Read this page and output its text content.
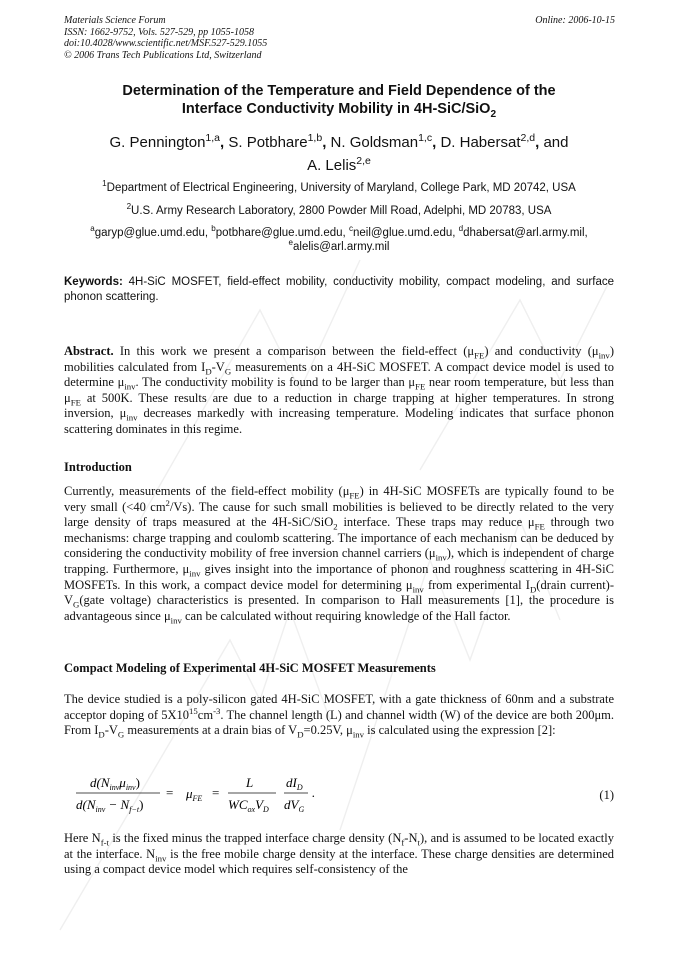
Materials Science Forum
ISSN: 1662-9752, Vols. 527-529, pp 1055-1058
doi:10.4028/www.scientific.net/MSF.527-529.1055
© 2006 Trans Tech Publications Ltd, Switzerland
Online: 2006-10-15
Determination of the Temperature and Field Dependence of the
Interface Conductivity Mobility in 4H-SiC/SiO$_2$
G. Pennington$^{1,a}$, S. Potbhare$^{1,b}$, N. Goldsman$^{1,c}$, D. Habersat$^{2,d}$, and
A. Lelis$^{2,e}$
$^1$Department of Electrical Engineering, University of Maryland, College Park, MD 20742, USA
$^2$U.S. Army Research Laboratory, 2800 Powder Mill Road, Adelphi, MD 20783, USA
$^a$garyp@glue.umd.edu, $^b$potbhare@glue.umd.edu, $^c$neil@glue.umd.edu, $^d$dhabersat@arl.army.mil,
$^e$alelis@arl.army.mil
Keywords: 4H-SiC MOSFET, field-effect mobility, conductivity mobility, compact modeling, and surface phonon scattering.
Abstract. In this work we present a comparison between the field-effect $(\mu_{FE})$ and conductivity $(\mu_{inv})$ mobilities calculated from $I_D-V_G$ measurements on a 4H-SiC MOSFET. A compact device model is used to determine $\mu_{inv}$. The conductivity mobility is found to be larger than $\mu_{FE}$ near room temperature, but less than $\mu_{FE}$ at 500K. These results are due to a reduction in charge trapping at higher temperatures. In strong inversion, $\mu_{inv}$ decreases markedly with increasing temperature. Modeling indicates that surface phonon scattering dominates in this regime.
Introduction
Currently, measurements of the field-effect mobility $(\mu_{FE})$ in 4H-SiC MOSFETs are typically found to be very small (<40 $cm^2/Vs$). The cause for such small mobilities is believed to be directly related to the very large density of traps measured at the 4H-SiC/SiO$_2$ interface. These traps may reduce $\mu_{FE}$ through two mechanisms: charge trapping and coulomb scattering. The importance of each mechanism can be deduced by considering the conductivity mobility of free inversion channel carriers $(\mu_{inv})$, which is independent of charge trapping. Furthermore, $\mu_{inv}$ gives insight into the importance of phonon and roughness scattering in 4H-SiC MOSFETs. In this work, a compact device model for determining $\mu_{inv}$ from experimental $I_D(drain$ $current)-V_G(gate$ voltage) characteristics is presented. In comparison to Hall measurements [1], the procedure is advantageous since $\mu_{inv}$ can be calculated without requiring knowledge of the Hall factor.
Compact Modeling of Experimental 4H-SiC MOSFET Measurements
The device studied is a poly-silicon gated 4H-SiC MOSFET, with a gate thickness of 60nm and a substrate acceptor doping of $5X10^{15}cm^{-3}$. The channel length (L) and channel width (W) of the device are both 200μm. From $I_D-V_G$ measurements at a drain bias of $V_D=0.25V$, $\mu_{inv}$ is calculated using the expression [2]:
$d(N_{inv}\mu_{inv})$
$d(N_{inv} - N_{f-t})$
= $\mu_{FE}$ =
L
$WC_{ox}V_D$
$dI_D$
$dV_G$
.	(1)
Here $N_{f-t}$ is the fixed minus the trapped interface charge density $(N_f-N_t)$, and is assumed to be located exactly at the interface. $N_{inv}$ is the free mobile charge density at the interface. These charge densities are determined using a compact device model which requires self-consistency of the
